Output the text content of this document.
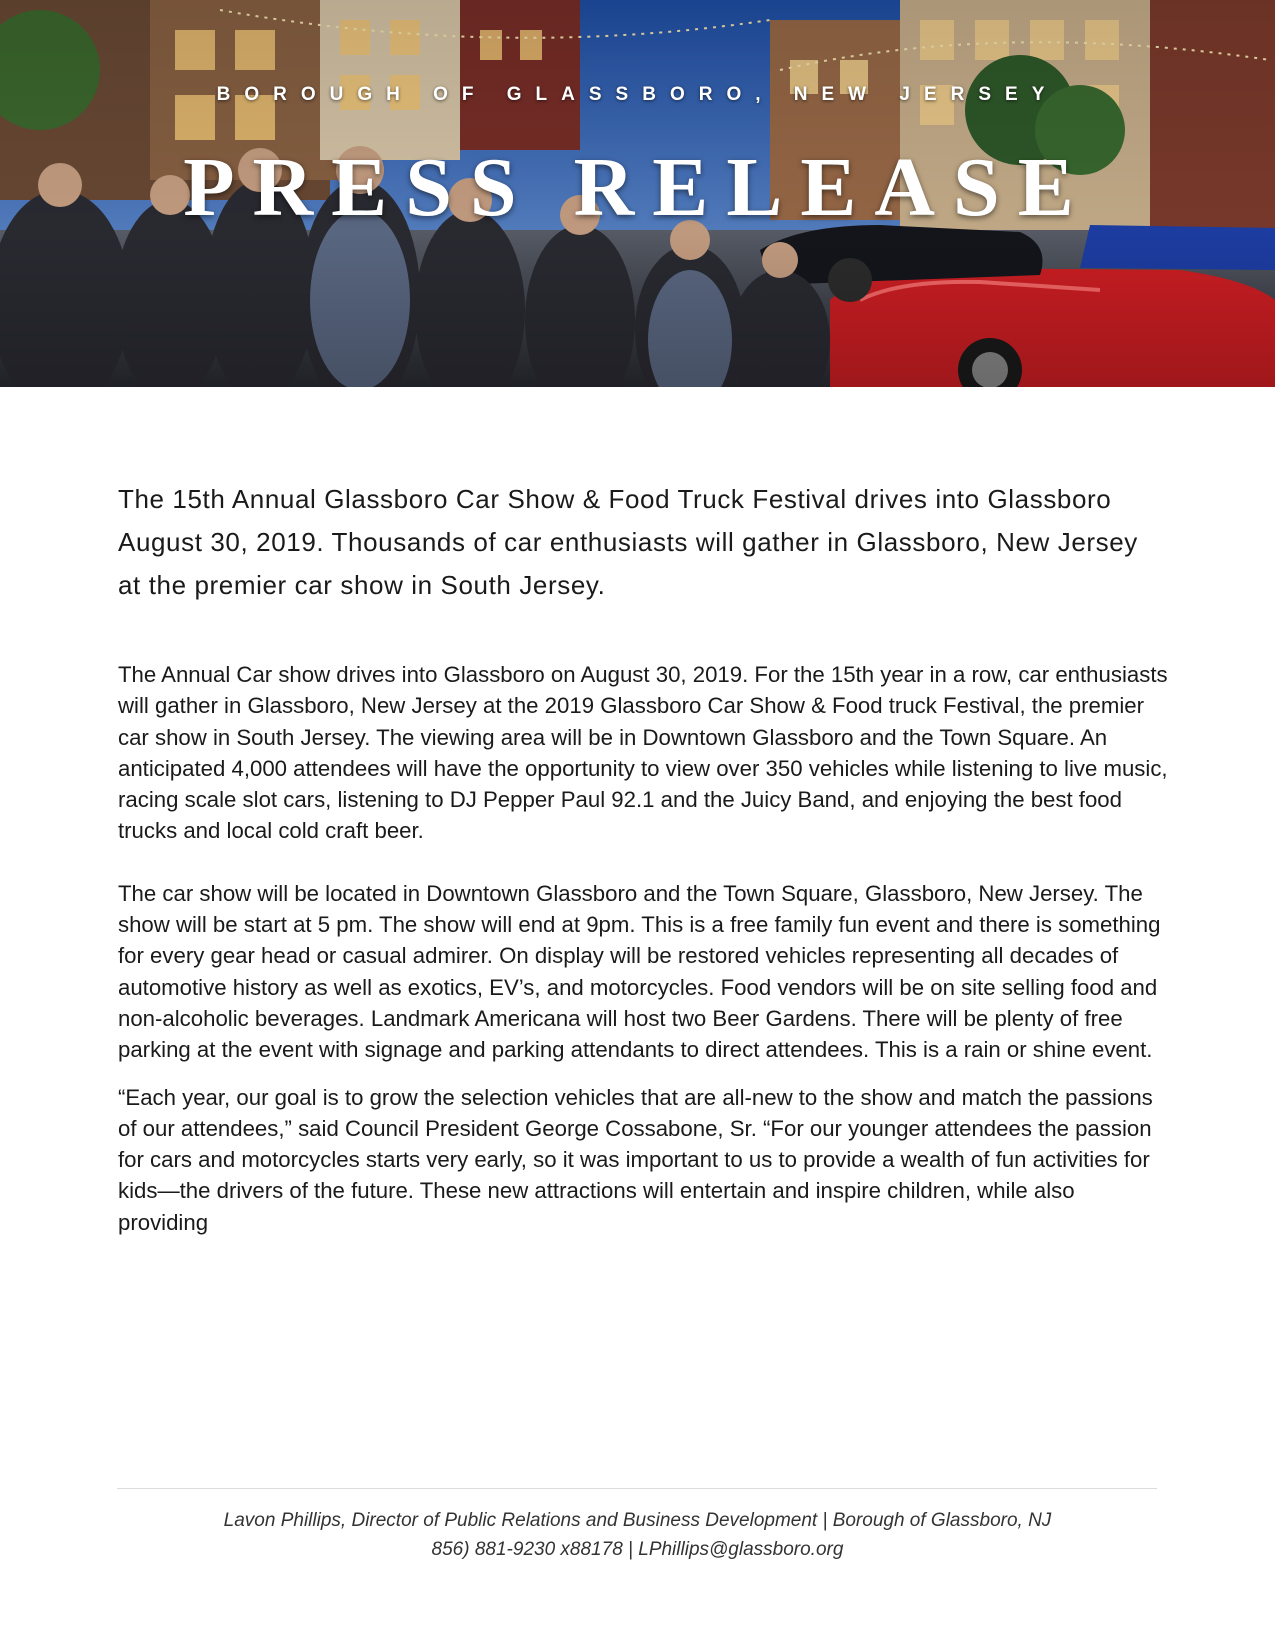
BOROUGH OF GLASSBORO, NEW JERSEY
PRESS RELEASE

The 15th Annual Glassboro Car Show & Food Truck Festival drives into Glassboro August 30, 2019. Thousands of car enthusiasts will gather in Glassboro, New Jersey at the premier car show in South Jersey.

The Annual Car show drives into Glassboro on August 30, 2019. For the 15th year in a row, car enthusiasts will gather in Glassboro, New Jersey at the 2019 Glassboro Car Show & Food truck Festival, the premier car show in South Jersey. The viewing area will be in Downtown Glassboro and the Town Square. An anticipated 4,000 attendees will have the opportunity to view over 350 vehicles while listening to live music, racing scale slot cars, listening to DJ Pepper Paul 92.1 and the Juicy Band, and enjoying the best food trucks and local cold craft beer.

The car show will be located in Downtown Glassboro and the Town Square, Glassboro, New Jersey. The show will be start at 5 pm. The show will end at 9pm. This is a free family fun event and there is something for every gear head or casual admirer. On display will be restored vehicles representing all decades of automotive history as well as exotics, EV’s, and motorcycles. Food vendors will be on site selling food and non-alcoholic beverages. Landmark Americana will host two Beer Gardens. There will be plenty of free parking at the event with signage and parking attendants to direct attendees. This is a rain or shine event.

“Each year, our goal is to grow the selection vehicles that are all-new to the show and match the passions of our attendees,” said Council President George Cossabone, Sr. “For our younger attendees the passion for cars and motorcycles starts very early, so it was important to us to provide a wealth of fun activities for kids—the drivers of the future. These new attractions will entertain and inspire children, while also providing

Lavon Phillips, Director of Public Relations and Business Development | Borough of Glassboro, NJ
856) 881-9230 x88178 | LPhillips@glassboro.org
